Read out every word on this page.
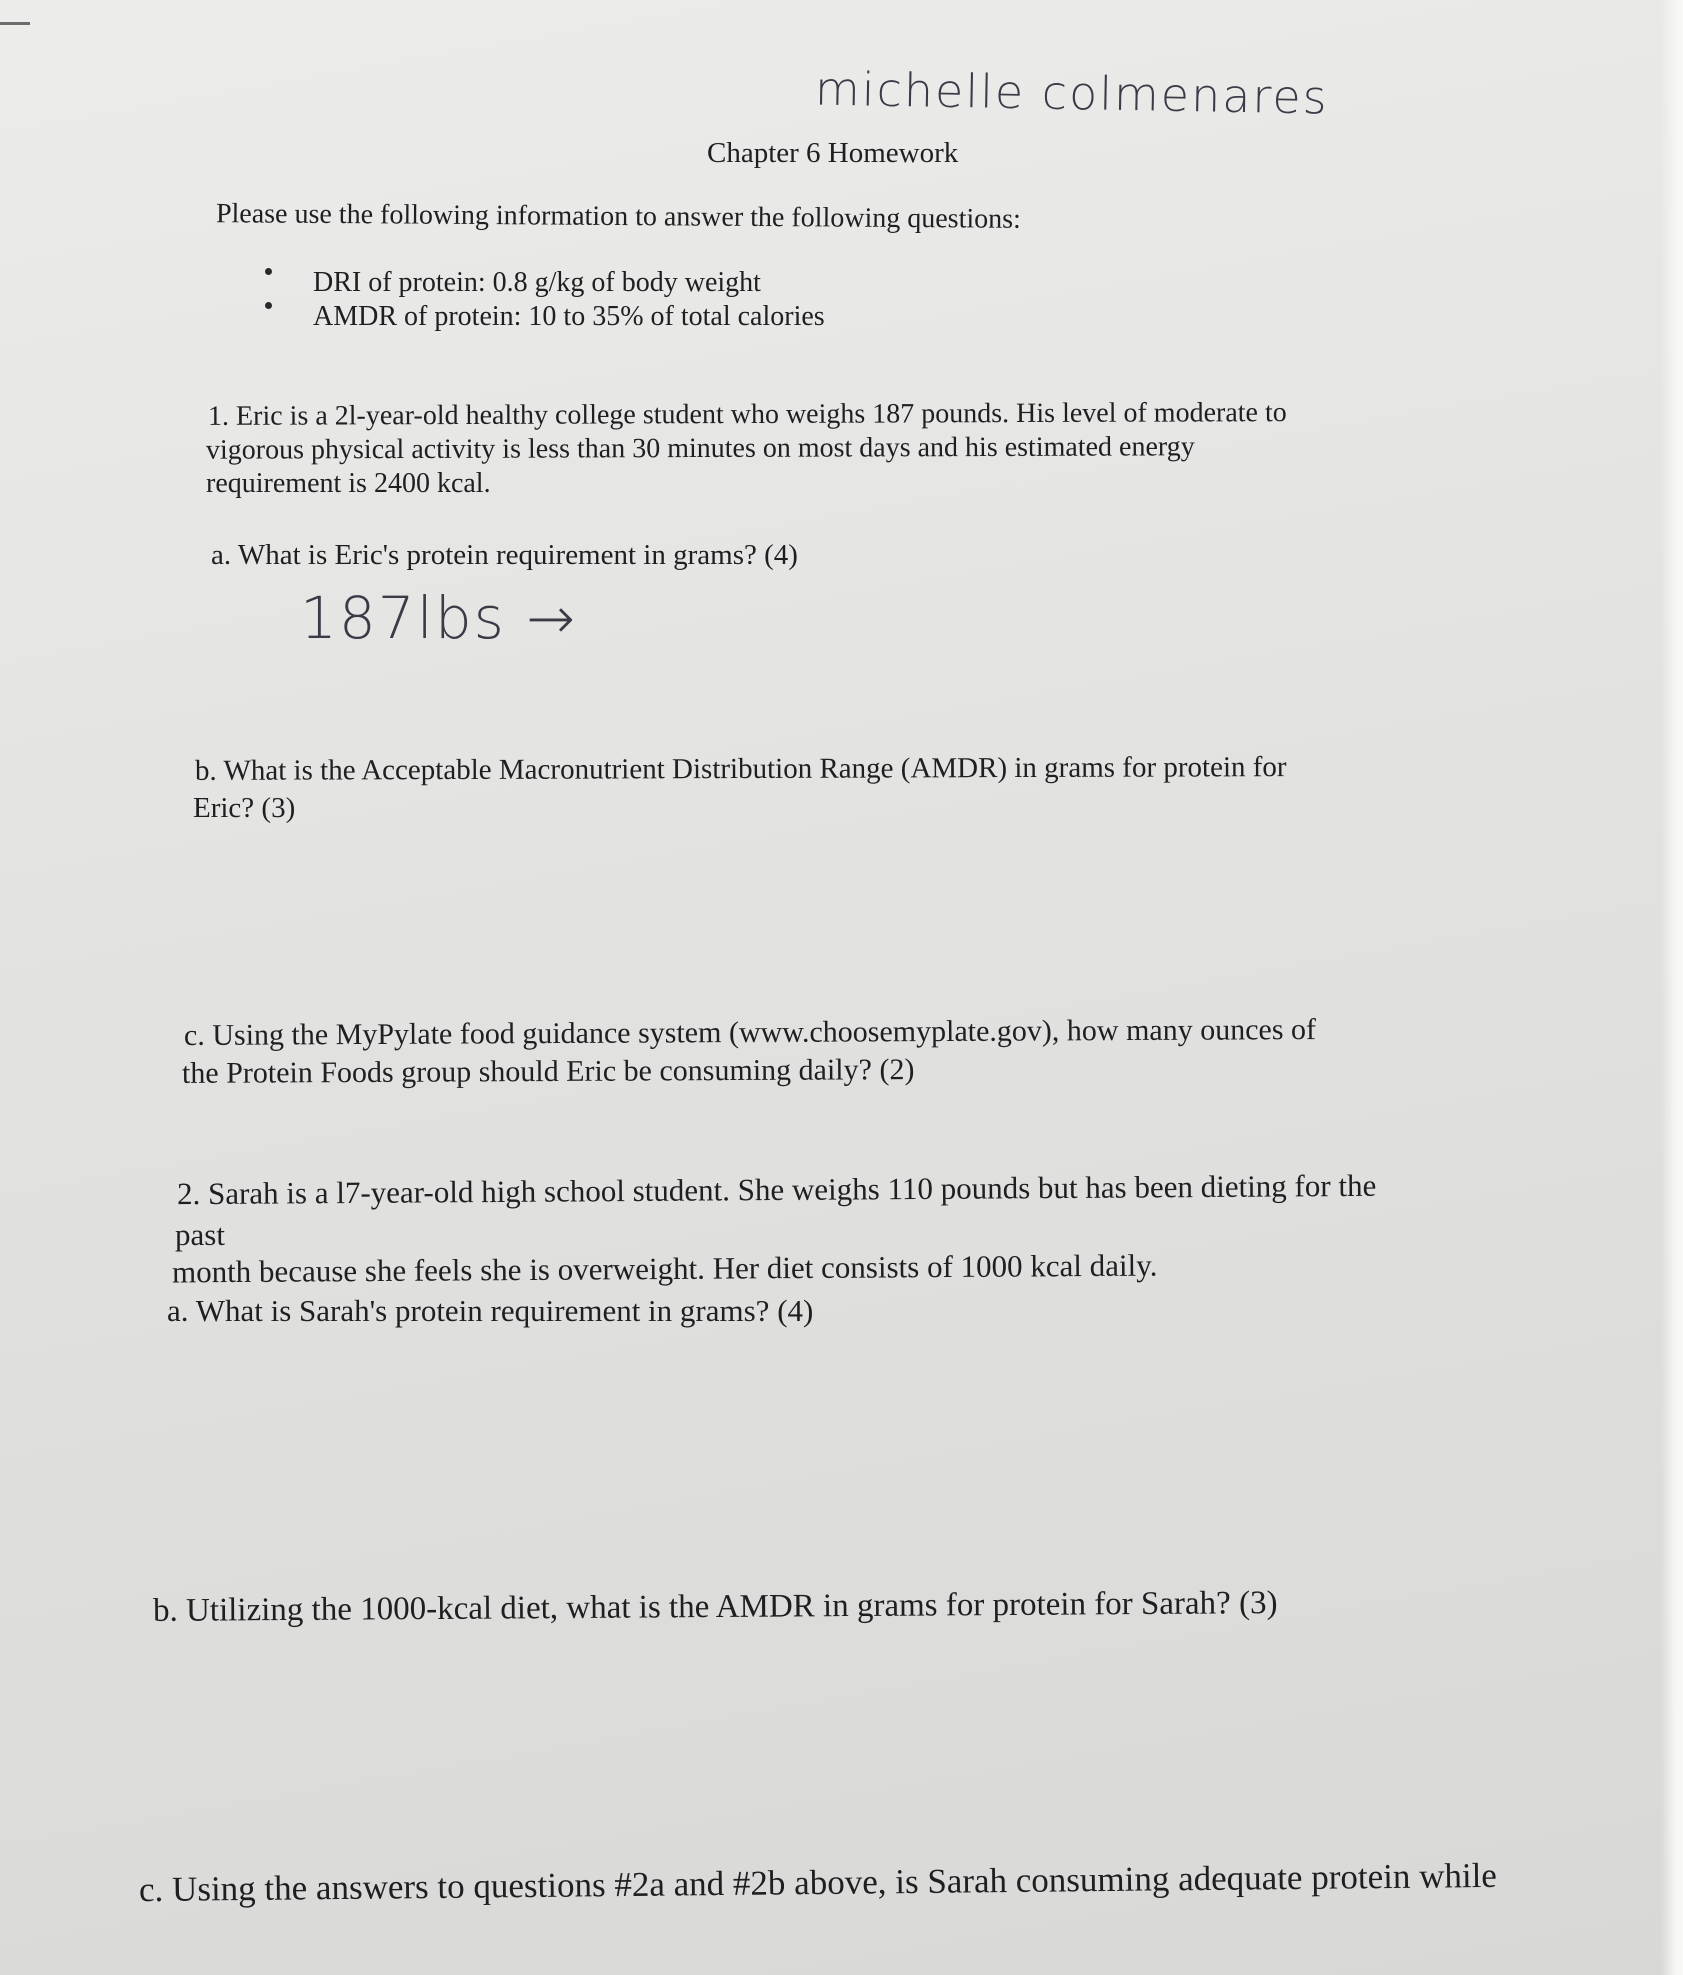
michelle colmenares
Chapter 6 Homework
Please use the following information to answer the following questions:
DRI of protein: 0.8 g/kg of body weight
AMDR of protein: 10 to 35% of total calories
1. Eric is a 2l-year-old healthy college student who weighs 187 pounds. His level of moderate to
vigorous physical activity is less than 30 minutes on most days and his estimated energy
requirement is 2400 kcal.
a. What is Eric's protein requirement in grams? (4)
187lbs →
b. What is the Acceptable Macronutrient Distribution Range (AMDR) in grams for protein for
Eric? (3)
c. Using the MyPylate food guidance system (www.choosemyplate.gov), how many ounces of
the Protein Foods group should Eric be consuming daily? (2)
2. Sarah is a l7-year-old high school student. She weighs 110 pounds but has been dieting for the
past
month because she feels she is overweight. Her diet consists of 1000 kcal daily.
a. What is Sarah's protein requirement in grams? (4)
b. Utilizing the 1000-kcal diet, what is the AMDR in grams for protein for Sarah? (3)
c. Using the answers to questions #2a and #2b above, is Sarah consuming adequate protein while
